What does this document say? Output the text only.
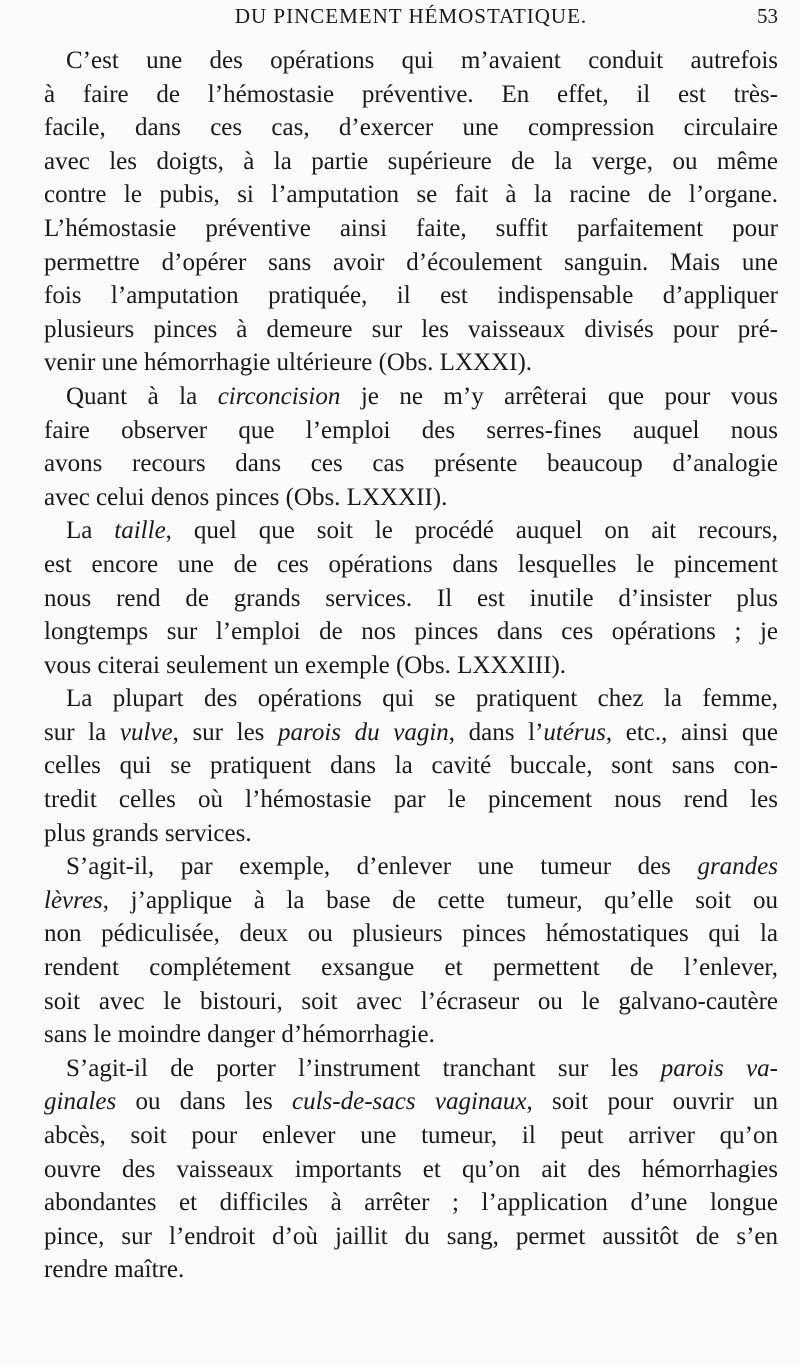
DU PINCEMENT HÉMOSTATIQUE.	53
C’est une des opérations qui m’avaient conduit autrefois
à faire de l’hémostasie préventive. En effet, il est très-
facile, dans ces cas, d’exercer une compression circulaire
avec les doigts, à la partie supérieure de la verge, ou même
contre le pubis, si l’amputation se fait à la racine de l’organe.
L’hémostasie préventive ainsi faite, suffit parfaitement pour
permettre d’opérer sans avoir d’écoulement sanguin. Mais une
fois l’amputation pratiquée, il est indispensable d’appliquer
plusieurs pinces à demeure sur les vaisseaux divisés pour pré-
venir une hémorrhagie ultérieure (Obs. LXXXI).
Quant à la circoncision je ne m’y arrêterai que pour vous
faire observer que l’emploi des serres-fines auquel nous
avons recours dans ces cas présente beaucoup d’analogie
avec celui denos pinces (Obs. LXXXII).
La taille, quel que soit le procédé auquel on ait recours,
est encore une de ces opérations dans lesquelles le pincement
nous rend de grands services. Il est inutile d’insister plus
longtemps sur l’emploi de nos pinces dans ces opérations ; je
vous citerai seulement un exemple (Obs. LXXXIII).
La plupart des opérations qui se pratiquent chez la femme,
sur la vulve, sur les parois du vagin, dans l’utérus, etc., ainsi que
celles qui se pratiquent dans la cavité buccale, sont sans con-
tredit celles où l’hémostasie par le pincement nous rend les
plus grands services.
S’agit-il, par exemple, d’enlever une tumeur des grandes
lèvres, j’applique à la base de cette tumeur, qu’elle soit ou
non pédiculisée, deux ou plusieurs pinces hémostatiques qui la
rendent complétement exsangue et permettent de l’enlever,
soit avec le bistouri, soit avec l’écraseur ou le galvano-cautère
sans le moindre danger d’hémorrhagie.
S’agit-il de porter l’instrument tranchant sur les parois va-
ginales ou dans les culs-de-sacs vaginaux, soit pour ouvrir un
abcès, soit pour enlever une tumeur, il peut arriver qu’on
ouvre des vaisseaux importants et qu’on ait des hémorrhagies
abondantes et difficiles à arrêter ; l’application d’une longue
pince, sur l’endroit d’où jaillit du sang, permet aussitôt de s’en
rendre maître.
